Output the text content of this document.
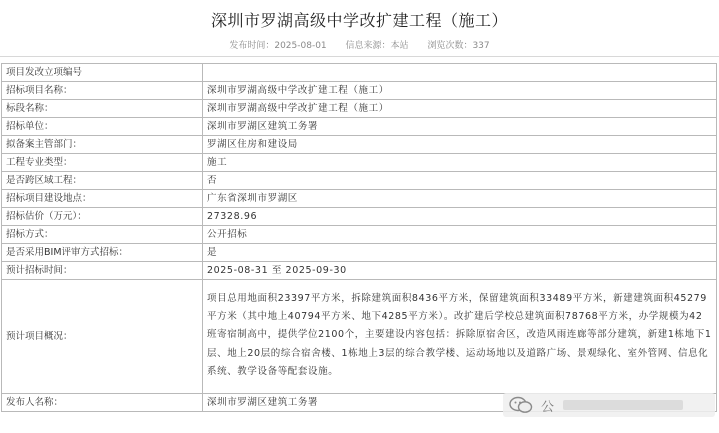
深圳市罗湖高级中学改扩建工程（施工）
发布时间：2025-08-01 信息来源：本站 浏览次数：337
项目发改立项编号	
招标项目名称：	深圳市罗湖高级中学改扩建工程（施工）
标段名称：	深圳市罗湖高级中学改扩建工程（施工）
招标单位：	深圳市罗湖区建筑工务署
拟备案主管部门：	罗湖区住房和建设局
工程专业类型：	施工
是否跨区域工程：	否
招标项目建设地点：	广东省深圳市罗湖区
招标估价（万元）：	27328.96
招标方式：	公开招标
是否采用BIM评审方式招标：	是
预计招标时间：	2025-08-31 至 2025-09-30
预计项目概况：	项目总用地面积23397平方米，拆除建筑面积8436平方米，保留建筑面积33489平方米，新建建筑面积45279平方米（其中地上40794平方米、地下4285平方米）。改扩建后学校总建筑面积78768平方米，办学规模为42班寄宿制高中，提供学位2100个，主要建设内容包括：拆除原宿舍区，改造风雨连廊等部分建筑，新建1栋地下1层、地上20层的综合宿舍楼、1栋地上3层的综合教学楼、运动场地以及道路广场、景观绿化、室外管网、信息化系统、教学设备等配套设施。
发布人名称：	深圳市罗湖区建筑工务署	公
